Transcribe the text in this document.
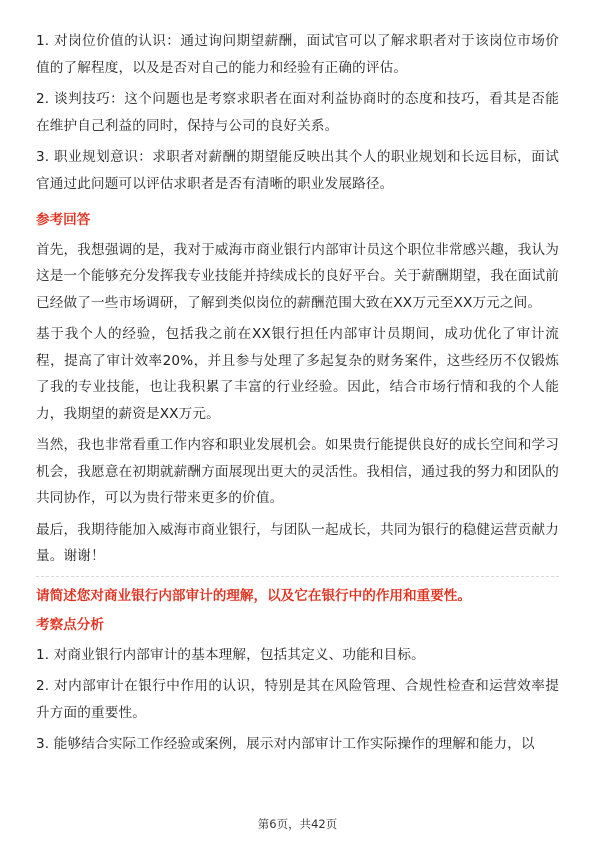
1. 对岗位价值的认识：通过询问期望薪酬，面试官可以了解求职者对于该岗位市场价值的了解程度，以及是否对自己的能力和经验有正确的评估。

2. 谈判技巧：这个问题也是考察求职者在面对利益协商时的态度和技巧，看其是否能在维护自己利益的同时，保持与公司的良好关系。

3. 职业规划意识：求职者对薪酬的期望能反映出其个人的职业规划和长远目标，面试官通过此问题可以评估求职者是否有清晰的职业发展路径。

参考回答

首先，我想强调的是，我对于威海市商业银行内部审计员这个职位非常感兴趣，我认为这是一个能够充分发挥我专业技能并持续成长的良好平台。关于薪酬期望，我在面试前已经做了一些市场调研，了解到类似岗位的薪酬范围大致在XX万元至XX万元之间。

基于我个人的经验，包括我之前在XX银行担任内部审计员期间，成功优化了审计流程，提高了审计效率20%，并且参与处理了多起复杂的财务案件，这些经历不仅锻炼了我的专业技能，也让我积累了丰富的行业经验。因此，结合市场行情和我的个人能力，我期望的薪资是XX万元。

当然，我也非常看重工作内容和职业发展机会。如果贵行能提供良好的成长空间和学习机会，我愿意在初期就薪酬方面展现出更大的灵活性。我相信，通过我的努力和团队的共同协作，可以为贵行带来更多的价值。

最后，我期待能加入威海市商业银行，与团队一起成长，共同为银行的稳健运营贡献力量。谢谢！

请简述您对商业银行内部审计的理解，以及它在银行中的作用和重要性。
考察点分析

1. 对商业银行内部审计的基本理解，包括其定义、功能和目标。

2. 对内部审计在银行中作用的认识，特别是其在风险管理、合规性检查和运营效率提升方面的重要性。

3. 能够结合实际工作经验或案例，展示对内部审计工作实际操作的理解和能力，以

第6页，共42页
